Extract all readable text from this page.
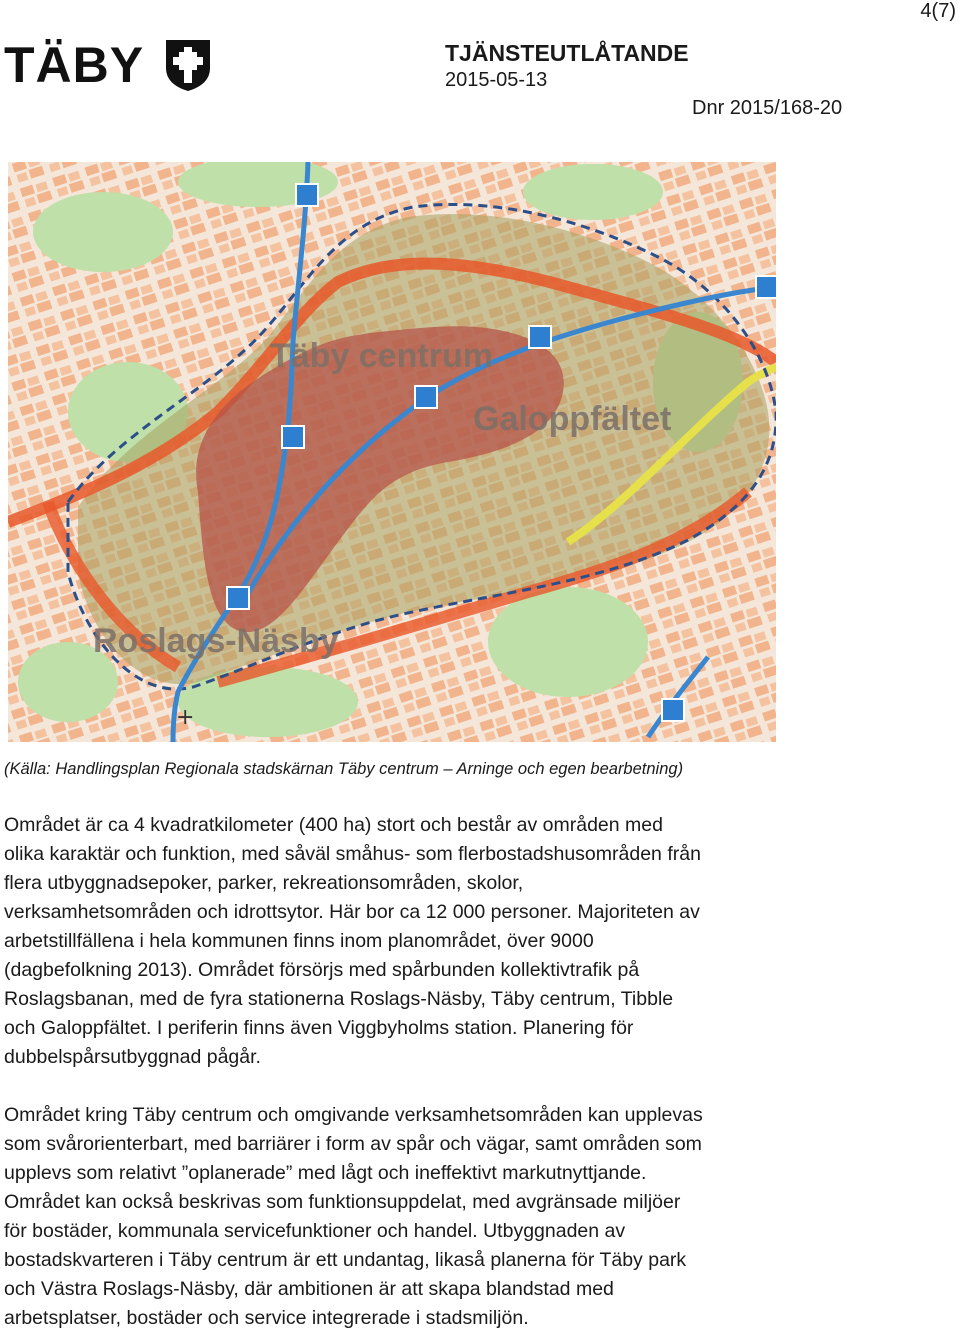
4(7)
TÄBY	TJÄNSTEUTLÅTANDE
2015-05-13
Dnr 2015/168-20
+
Täby centrum
Galoppfältet
Roslags-Näsby
(Källa: Handlingsplan Regionala stadskärnan Täby centrum – Arninge och egen bearbetning)
Området är ca 4 kvadratkilometer (400 ha) stort och består av områden med
olika karaktär och funktion, med såväl småhus- som flerbostadshusområden från
flera utbyggnadsepoker, parker, rekreationsområden, skolor,
verksamhetsområden och idrottsytor. Här bor ca 12 000 personer. Majoriteten av
arbetstillfällena i hela kommunen finns inom planområdet, över 9000
(dagbefolkning 2013). Området försörjs med spårbunden kollektivtrafik på
Roslagsbanan, med de fyra stationerna Roslags-Näsby, Täby centrum, Tibble
och Galoppfältet. I periferin finns även Viggbyholms station. Planering för
dubbelspårsutbyggnad pågår.
Området kring Täby centrum och omgivande verksamhetsområden kan upplevas
som svårorienterbart, med barriärer i form av spår och vägar, samt områden som
upplevs som relativt ”oplanerade” med lågt och ineffektivt markutnyttjande.
Området kan också beskrivas som funktionsuppdelat, med avgränsade miljöer
för bostäder, kommunala servicefunktioner och handel. Utbyggnaden av
bostadskvarteren i Täby centrum är ett undantag, likaså planerna för Täby park
och Västra Roslags-Näsby, där ambitionen är att skapa blandstad med
arbetsplatser, bostäder och service integrerade i stadsmiljön.
